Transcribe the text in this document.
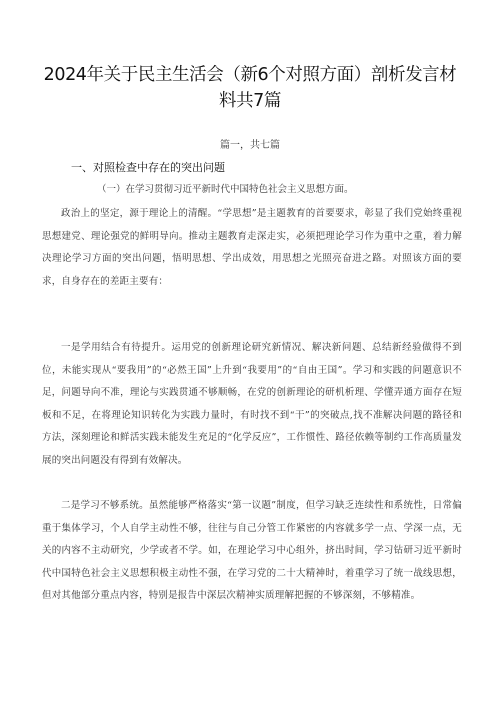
2024年关于民主生活会（新6个对照方面）剖析发言材料共7篇
篇一，共七篇
一、对照检查中存在的突出问题
（一）在学习贯彻习近平新时代中国特色社会主义思想方面。

政治上的坚定，源于理论上的清醒。“学思想”是主题教育的首要要求，彰显了我们党始终重视思想建党、理论强党的鲜明导向。推动主题教育走深走实，必须把理论学习作为重中之重，着力解决理论学习方面的突出问题，悟明思想、学出成效，用思想之光照亮奋进之路。对照该方面的要求，自身存在的差距主要有：

一是学用结合有待提升。运用党的创新理论研究新情况、解决新问题、总结新经验做得不到位，未能实现从“要我用”的“必然王国”上升到“我要用”的“自由王国”。学习和实践的问题意识不足，问题导向不准，理论与实践贯通不够顺畅，在党的创新理论的研机析理、学懂弄通方面存在短板和不足，在将理论知识转化为实践力量时，有时找不到“干”的突破点,找不准解决问题的路径和方法，深刻理论和鲜活实践未能发生充足的“化学反应”，工作惯性、路径依赖等制约工作高质量发展的突出问题没有得到有效解决。

二是学习不够系统。虽然能够严格落实“第一议题”制度，但学习缺乏连续性和系统性，日常偏重于集体学习，个人自学主动性不够，往往与自己分管工作紧密的内容就多学一点、学深一点，无关的内容不主动研究，少学或者不学。如，在理论学习中心组外，挤出时间，学习钻研习近平新时代中国特色社会主义思想积极主动性不强，在学习党的二十大精神时，着重学习了统一战线思想，但对其他部分重点内容，特别是报告中深层次精神实质理解把握的不够深刻，不够精准。
